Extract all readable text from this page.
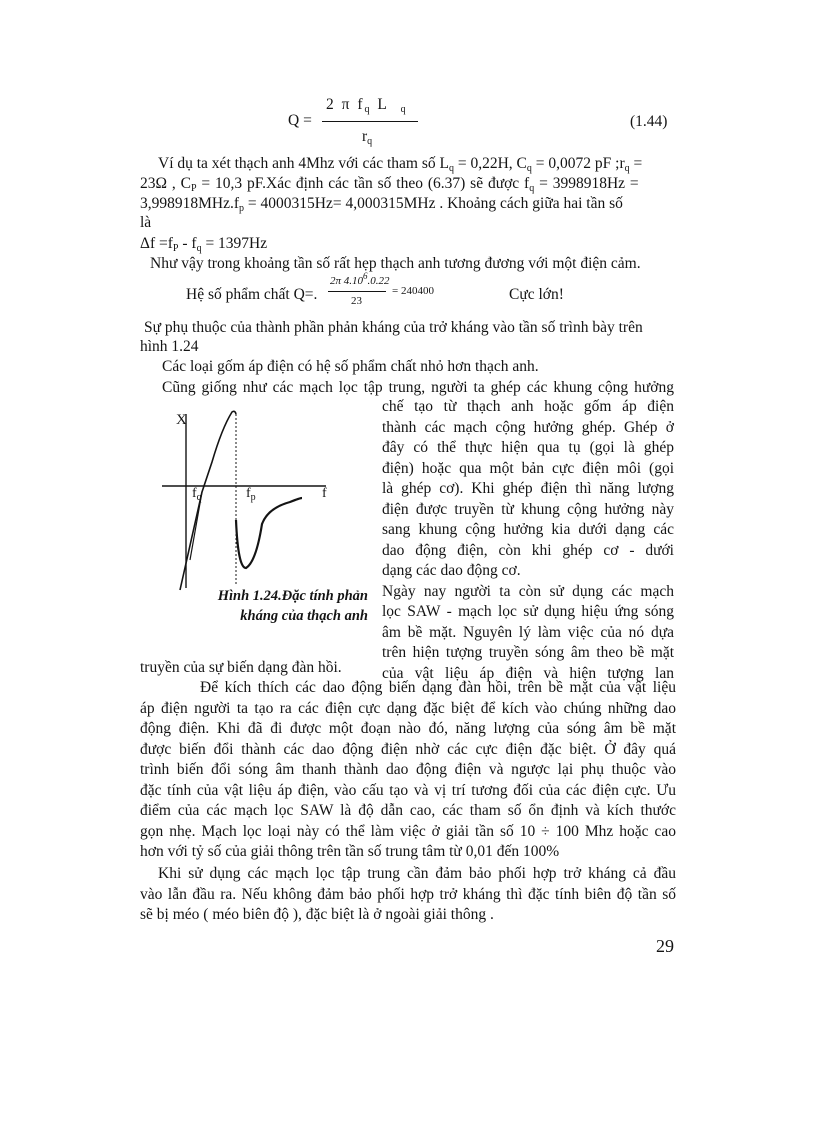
Q =
2 π $f_q$ L $_q$
$r_q$
(1.44)
Ví dụ ta xét thạch anh 4Mhz với các tham số $L_q = 0,22H$, $C_q = 0,0072$ pF $;r_q$ =
23Ω , $C_P = 10,3$ pF.Xác định các tần số theo (6.37) sẽ được $f_q = 3998918Hz$ =
$3,998918MHz.f_p = 4000315Hz= 4,000315MHz$ . Khoảng cách giữa hai tần số
là
$\Delta f =f_P - f_q = 1397Hz$
Như vậy trong khoảng tần số rất hẹp thạch anh tương đương với một điện cảm.
Hệ số phẩm chất Q=.
2π 4.10$^6$.0.22
23
= 240400	Cực lớn!
Sự phụ thuộc của thành phần phản kháng của trở kháng vào tần số trình bày trên
hình 1.24
Các loại gốm áp điện có hệ số phẩm chất nhỏ hơn thạch anh.
Cũng giống như các mạch lọc tập trung, người ta ghép các khung cộng hưởng
chế tạo từ thạch anh hoặc gốm áp điện
thành các mạch cộng hưởng ghép. Ghép ở
đây có thể thực hiện qua tụ (gọi là ghép
điện) hoặc qua một bản cực điện môi (gọi
là ghép cơ). Khi ghép điện thì năng lượng
điện được truyền từ khung cộng hưởng này
sang khung cộng hưởng kia dưới dạng các
dao động điện, còn khi ghép cơ - dưới
dạng các dao động cơ.
Ngày nay người ta còn sử dụng các mạch
lọc SAW - mạch lọc sử dụng hiệu ứng sóng
âm bề mặt. Nguyên lý làm việc của nó dựa
trên hiện tượng truyền sóng âm theo bề mặt
của vật liệu áp điện và hiện tượng lan
X
$f_q$	$f_p$	f
Hình 1.24.Đặc tính phản
kháng của thạch anh
truyền của sự biến dạng đàn hồi.
Để kích thích các dao động biến dạng đàn hồi, trên bề mặt của vật liệu
áp điện người ta tạo ra các điện cực dạng đặc biệt để kích vào chúng những dao
động điện. Khi đã đi được một đoạn nào đó, năng lượng của sóng âm bề mặt
được biến đổi thành các dao động điện nhờ các cực điện đặc biệt. Ở đây quá
trình biến đổi sóng âm thanh thành dao động điện và ngược lại phụ thuộc vào
đặc tính của vật liệu áp điện, vào cấu tạo và vị trí tương đối của các điện cực. Ưu
điểm của các mạch lọc SAW là độ dẫn cao, các tham số ổn định và kích thước
gọn nhẹ. Mạch lọc loại này có thể làm việc ở giải tần số 10 ÷ 100 Mhz hoặc cao
hơn với tỷ số của giải thông trên tần số trung tâm từ 0,01 đến 100%
Khi sử dụng các mạch lọc tập trung cần đảm bảo phối hợp trở kháng cả đầu
vào lẫn đầu ra. Nếu không đảm bảo phối hợp trở kháng thì đặc tính biên độ tần số
sẽ bị méo ( méo biên độ ), đặc biệt là ở ngoài giải thông .
29
